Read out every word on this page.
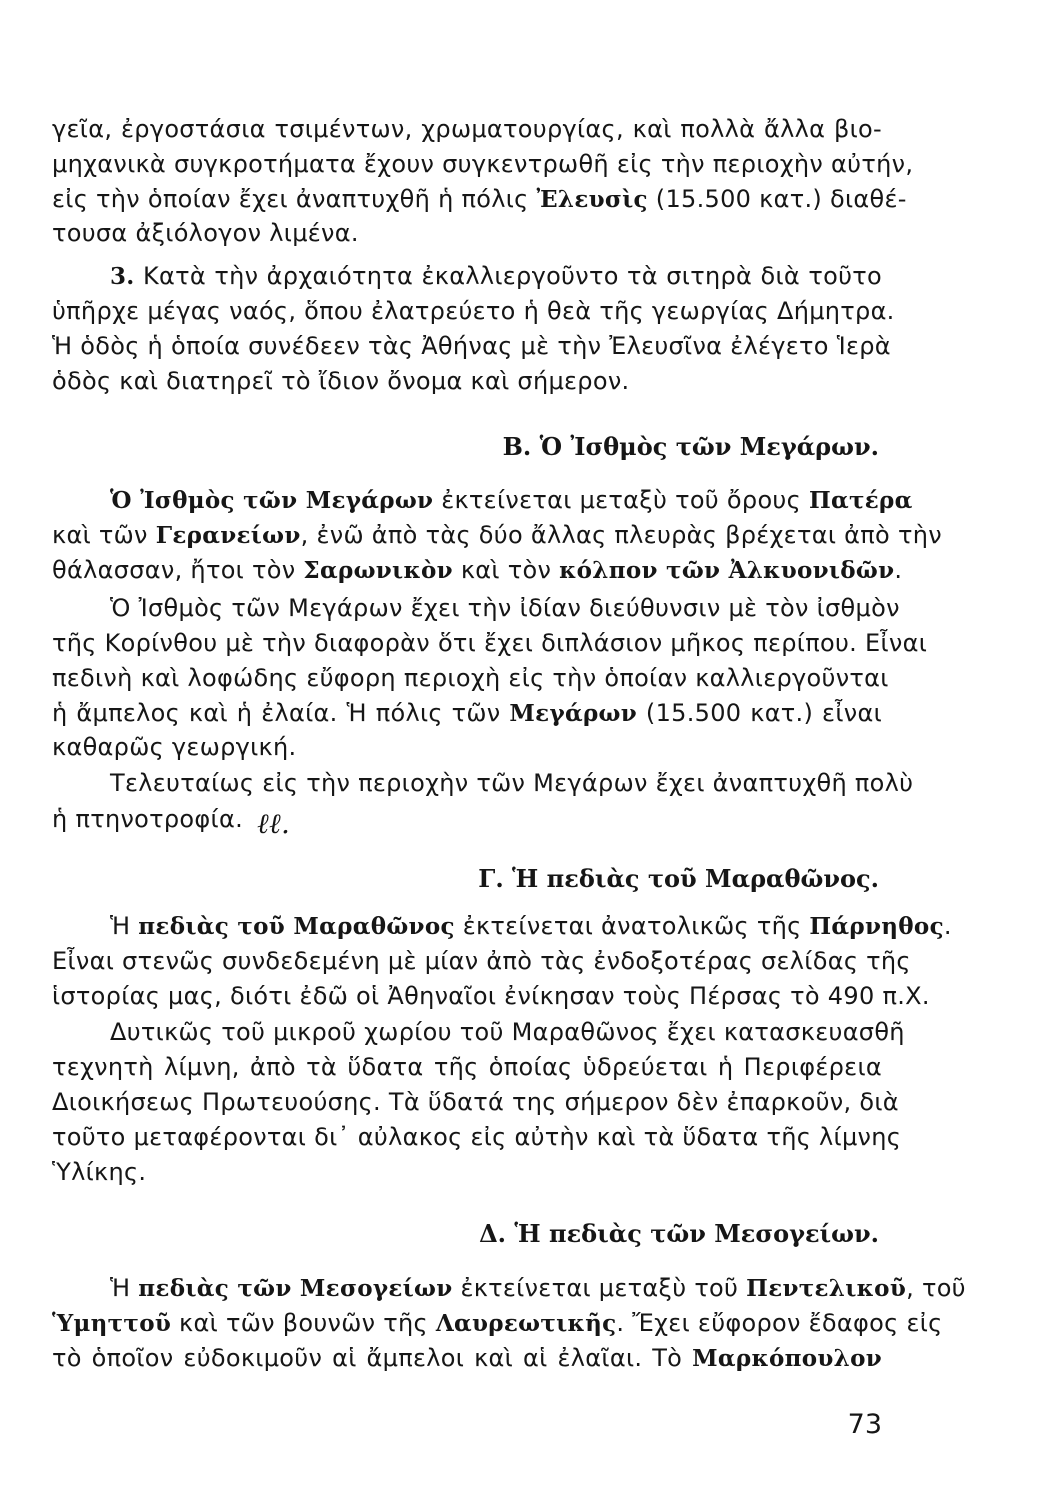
γεῖα, ἐργοστάσια τσιμέντων, χρωματουργίας, καὶ πολλὰ ἄλλα βιο-
μηχανικὰ συγκροτήματα ἔχουν συγκεντρωθῆ εἰς τὴν περιοχὴν αὐτήν,
εἰς τὴν ὁποίαν ἔχει ἀναπτυχθῆ ἡ πόλις Ἐλευσὶς (15.500 κατ.) διαθέ-
τουσα ἀξιόλογον λιμένα.
3. Κατὰ τὴν ἀρχαιότητα ἐκαλλιεργοῦντο τὰ σιτηρὰ διὰ τοῦτο
ὑπῆρχε μέγας ναός, ὅπου ἐλατρεύετο ἡ θεὰ τῆς γεωργίας Δήμητρα.
Ἡ ὁδὸς ἡ ὁποία συνέδεεν τὰς Ἀθήνας μὲ τὴν Ἐλευσῖνα ἐλέγετο Ἱερὰ
ὁδὸς καὶ διατηρεῖ τὸ ἴδιον ὄνομα καὶ σήμερον.
Β. Ὁ Ἰσθμὸς τῶν Μεγάρων.
Ὁ Ἰσθμὸς τῶν Μεγάρων ἐκτείνεται μεταξὺ τοῦ ὄρους Πατέρα
καὶ τῶν Γερανείων, ἐνῶ ἀπὸ τὰς δύο ἄλλας πλευρὰς βρέχεται ἀπὸ τὴν
θάλασσαν, ἤτοι τὸν Σαρωνικὸν καὶ τὸν κόλπον τῶν Ἀλκυονιδῶν.
Ὁ Ἰσθμὸς τῶν Μεγάρων ἔχει τὴν ἰδίαν διεύθυνσιν μὲ τὸν ἰσθμὸν
τῆς Κορίνθου μὲ τὴν διαφορὰν ὅτι ἔχει διπλάσιον μῆκος περίπου. Εἶναι
πεδινὴ καὶ λοφώδης εὔφορη περιοχὴ εἰς τὴν ὁποίαν καλλιεργοῦνται
ἡ ἄμπελος καὶ ἡ ἐλαία. Ἡ πόλις τῶν Μεγάρων (15.500 κατ.) εἶναι
καθαρῶς γεωργική.
Τελευταίως εἰς τὴν περιοχὴν τῶν Μεγάρων ἔχει ἀναπτυχθῆ πολὺ
ἡ πτηνοτροφία. ℓℓ.
Γ. Ἡ πεδιὰς τοῦ Μαραθῶνος.
Ἡ πεδιὰς τοῦ Μαραθῶνος ἐκτείνεται ἀνατολικῶς τῆς Πάρνηθος.
Εἶναι στενῶς συνδεδεμένη μὲ μίαν ἀπὸ τὰς ἐνδοξοτέρας σελίδας τῆς
ἱστορίας μας, διότι ἐδῶ οἱ Ἀθηναῖοι ἐνίκησαν τοὺς Πέρσας τὸ 490 π.Χ.
Δυτικῶς τοῦ μικροῦ χωρίου τοῦ Μαραθῶνος ἔχει κατασκευασθῆ
τεχνητὴ λίμνη, ἀπὸ τὰ ὕδατα τῆς ὁποίας ὑδρεύεται ἡ Περιφέρεια
Διοικήσεως Πρωτευούσης. Τὰ ὕδατά της σήμερον δὲν ἐπαρκοῦν, διὰ
τοῦτο μεταφέρονται δι᾽ αὐλακος εἰς αὐτὴν καὶ τὰ ὕδατα τῆς λίμνης
Ὑλίκης.
Δ. Ἡ πεδιὰς τῶν Μεσογείων.
Ἡ πεδιὰς τῶν Μεσογείων ἐκτείνεται μεταξὺ τοῦ Πεντελικοῦ, τοῦ
Ὑμηττοῦ καὶ τῶν βουνῶν τῆς Λαυρεωτικῆς. Ἔχει εὔφορον ἔδαφος εἰς
τὸ ὁποῖον εὐδοκιμοῦν αἱ ἄμπελοι καὶ αἱ ἐλαῖαι. Τὸ Μαρκόπουλον
73
